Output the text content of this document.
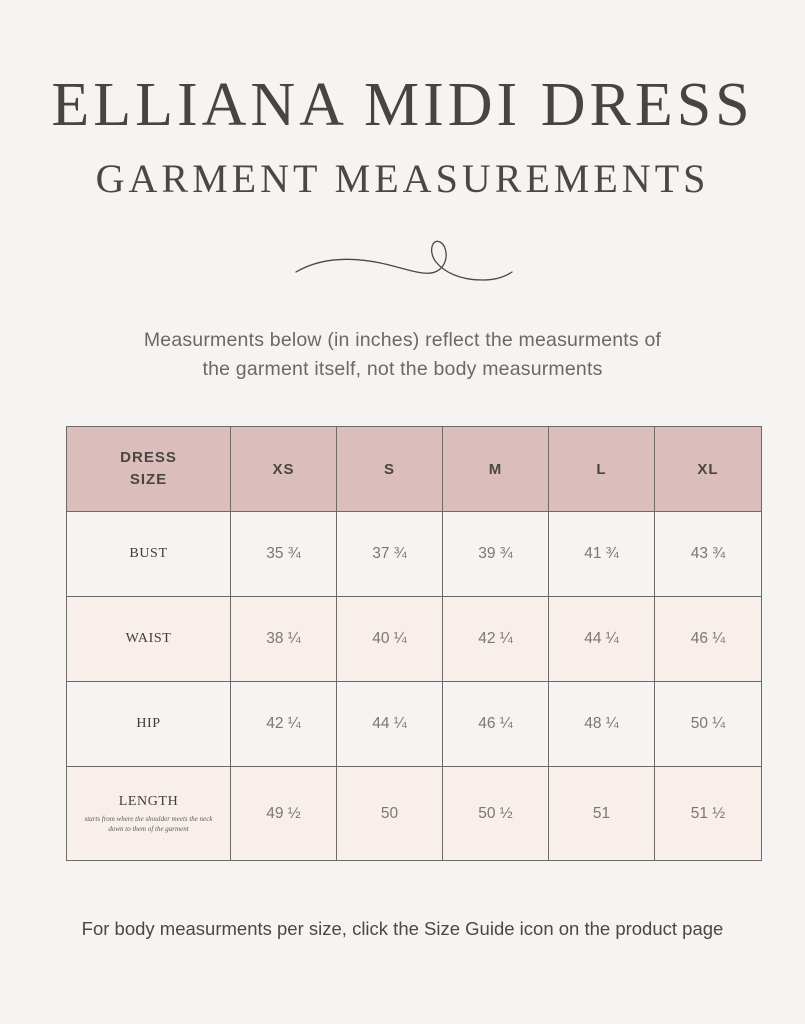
ELLIANA MIDI DRESS
GARMENT MEASUREMENTS
Measurments below (in inches) reflect the measurments of
the garment itself, not the body measurments
DRESS
SIZE	XS	S	M	L	XL
BUST	35 ¾	37 ¾	39 ¾	41 ¾	43 ¾
WAIST	38 ¼	40 ¼	42 ¼	44 ¼	46 ¼
HIP	42 ¼	44 ¼	46 ¼	48 ¼	50 ¼
LENGTH
starts from where the shoulder meets the neck
down to them of the garment	49 ½	50	50 ½	51	51 ½
For body measurments per size, click the Size Guide icon on the product page
